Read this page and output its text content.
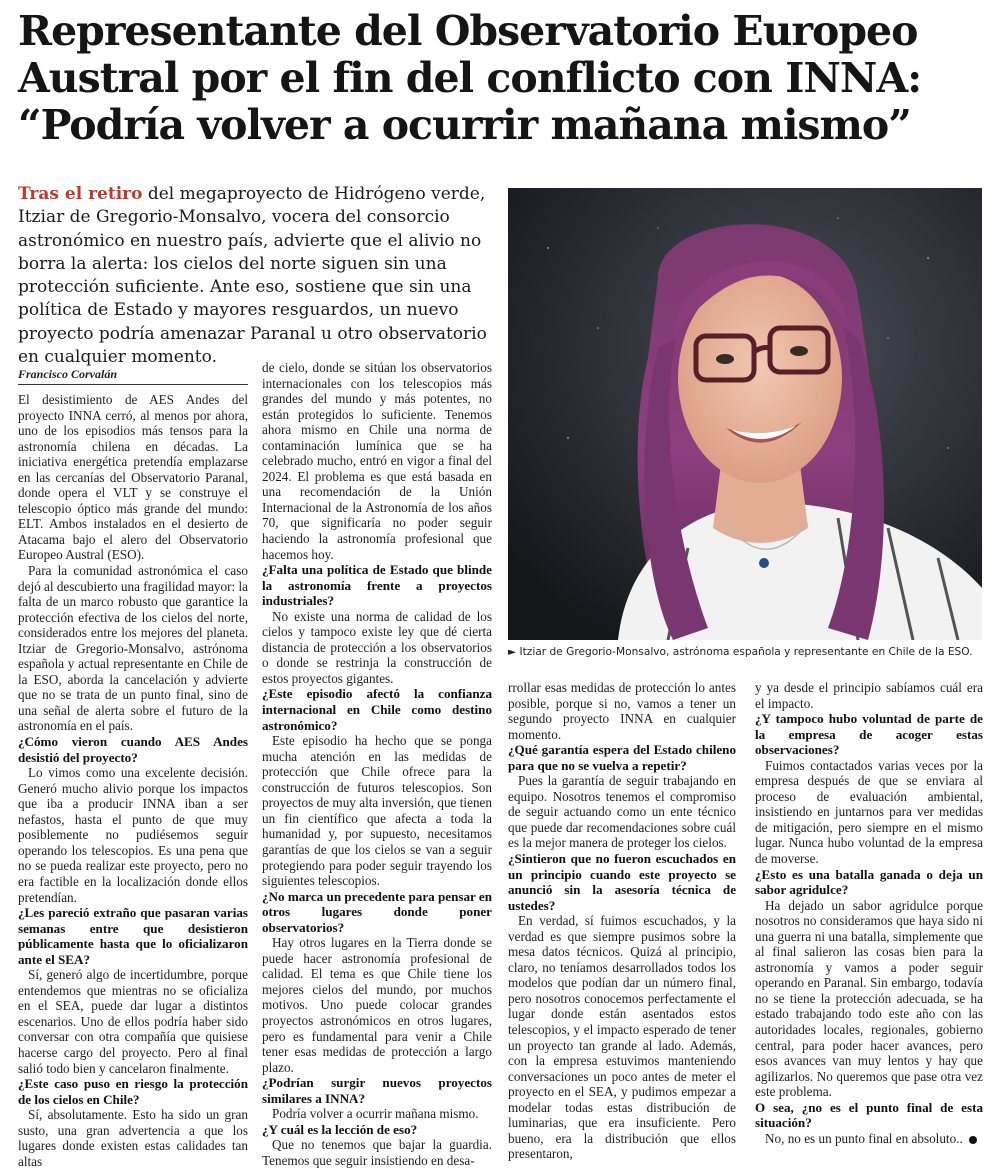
Representante del Observatorio Europeo
Austral por el fin del conflicto con INNA:
“Podría volver a ocurrir mañana mismo”

Tras el retiro del megaproyecto de Hidrógeno verde, Itziar de Gregorio-Monsalvo, vocera del consorcio astronómico en nuestro país, advierte que el alivio no borra la alerta: los cielos del norte siguen sin una protección suficiente. Ante eso, sostiene que sin una política de Estado y mayores resguardos, un nuevo proyecto podría amenazar Paranal u otro observatorio en cualquier momento.

► Itziar de Gregorio-Monsalvo, astrónoma española y representante en Chile de la ESO.
Francisco Corvalán

El desistimiento de AES Andes del proyecto INNA cerró, al menos por ahora, uno de los episodios más tensos para la astronomía chilena en décadas. La iniciativa energética pretendía emplazarse en las cercanías del Observatorio Paranal, donde opera el VLT y se construye el telescopio óptico más grande del mundo: ELT. Ambos instalados en el desierto de Atacama bajo el alero del Observatorio Europeo Austral (ESO).

Para la comunidad astronómica el caso dejó al descubierto una fragilidad mayor: la falta de un marco robusto que garantice la protección efectiva de los cielos del norte, considerados entre los mejores del planeta. Itziar de Gregorio-Monsalvo, astrónoma española y actual representante en Chile de la ESO, aborda la cancelación y advierte que no se trata de un punto final, sino de una señal de alerta sobre el futuro de la astronomía en el país.

¿Cómo vieron cuando AES Andes desistió del proyecto?

Lo vimos como una excelente decisión. Generó mucho alivio porque los impactos que iba a producir INNA iban a ser nefastos, hasta el punto de que muy posiblemente no pudiésemos seguir operando los telescopios. Es una pena que no se pueda realizar este proyecto, pero no era factible en la localización donde ellos pretendían.

¿Les pareció extraño que pasaran varias semanas entre que desistieron públicamente hasta que lo oficializaron ante el SEA?

Sí, generó algo de incertidumbre, porque entendemos que mientras no se oficializa en el SEA, puede dar lugar a distintos escenarios. Uno de ellos podría haber sido conversar con otra compañía que quisiese hacerse cargo del proyecto. Pero al final salió todo bien y cancelaron finalmente.

¿Este caso puso en riesgo la protección de los cielos en Chile?

Sí, absolutamente. Esto ha sido un gran susto, una gran advertencia a que los lugares donde existen estas calidades tan altas

de cielo, donde se sitúan los observatorios internacionales con los telescopios más grandes del mundo y más potentes, no están protegidos lo suficiente. Tenemos ahora mismo en Chile una norma de contaminación lumínica que se ha celebrado mucho, entró en vigor a final del 2024. El problema es que está basada en una recomendación de la Unión Internacional de la Astronomía de los años 70, que significaría no poder seguir haciendo la astronomía profesional que hacemos hoy.

¿Falta una política de Estado que blinde la astronomía frente a proyectos industriales?

No existe una norma de calidad de los cielos y tampoco existe ley que dé cierta distancia de protección a los observatorios o donde se restrinja la construcción de estos proyectos gigantes.

¿Este episodio afectó la confianza internacional en Chile como destino astronómico?

Este episodio ha hecho que se ponga mucha atención en las medidas de protección que Chile ofrece para la construcción de futuros telescopios. Son proyectos de muy alta inversión, que tienen un fin científico que afecta a toda la humanidad y, por supuesto, necesitamos garantías de que los cielos se van a seguir protegiendo para poder seguir trayendo los siguientes telescopios.

¿No marca un precedente para pensar en otros lugares donde poner observatorios?

Hay otros lugares en la Tierra donde se puede hacer astronomía profesional de calidad. El tema es que Chile tiene los mejores cielos del mundo, por muchos motivos. Uno puede colocar grandes proyectos astronómicos en otros lugares, pero es fundamental para venir a Chile tener esas medidas de protección a largo plazo.

¿Podrían surgir nuevos proyectos similares a INNA?

Podría volver a ocurrir mañana mismo.

¿Y cuál es la lección de eso?

Que no tenemos que bajar la guardia. Tenemos que seguir insistiendo en desa-

rrollar esas medidas de protección lo antes posible, porque si no, vamos a tener un segundo proyecto INNA en cualquier momento.

¿Qué garantía espera del Estado chileno para que no se vuelva a repetir?

Pues la garantía de seguir trabajando en equipo. Nosotros tenemos el compromiso de seguir actuando como un ente técnico que puede dar recomendaciones sobre cuál es la mejor manera de proteger los cielos.

¿Sintieron que no fueron escuchados en un principio cuando este proyecto se anunció sin la asesoría técnica de ustedes?

En verdad, sí fuimos escuchados, y la verdad es que siempre pusimos sobre la mesa datos técnicos. Quizá al principio, claro, no teníamos desarrollados todos los modelos que podían dar un número final, pero nosotros conocemos perfectamente el lugar donde están asentados estos telescopios, y el impacto esperado de tener un proyecto tan grande al lado. Además, con la empresa estuvimos manteniendo conversaciones un poco antes de meter el proyecto en el SEA, y pudimos empezar a modelar todas estas distribución de luminarias, que era insuficiente. Pero bueno, era la distribución que ellos presentaron,

y ya desde el principio sabíamos cuál era el impacto.

¿Y tampoco hubo voluntad de parte de la empresa de acoger estas observaciones?

Fuimos contactados varias veces por la empresa después de que se enviara al proceso de evaluación ambiental, insistiendo en juntarnos para ver medidas de mitigación, pero siempre en el mismo lugar. Nunca hubo voluntad de la empresa de moverse.

¿Esto es una batalla ganada o deja un sabor agridulce?

Ha dejado un sabor agridulce porque nosotros no consideramos que haya sido ni una guerra ni una batalla, simplemente que al final salieron las cosas bien para la astronomía y vamos a poder seguir operando en Paranal. Sin embargo, todavía no se tiene la protección adecuada, se ha estado trabajando todo este año con las autoridades locales, regionales, gobierno central, para poder hacer avances, pero esos avances van muy lentos y hay que agilizarlos. No queremos que pase otra vez este problema.

O sea, ¿no es el punto final de esta situación?

No, no es un punto final en absoluto..
